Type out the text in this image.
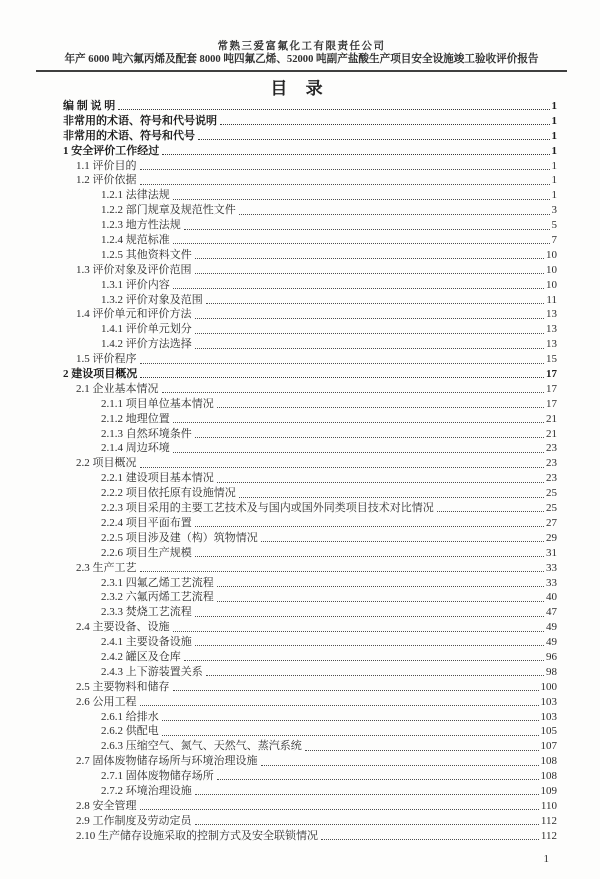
常熟三爱富氟化工有限责任公司
年产 6000 吨六氟丙烯及配套 8000 吨四氟乙烯、52000 吨副产盐酸生产项目安全设施竣工验收评价报告
目 录
编 制 说 明	1
非常用的术语、符号和代号说明	1
非常用的术语、符号和代号	1
1 安全评价工作经过	1
1.1 评价目的	1
1.2 评价依据	1
1.2.1 法律法规	1
1.2.2 部门规章及规范性文件	3
1.2.3 地方性法规	5
1.2.4 规范标准	7
1.2.5 其他资料文件	10
1.3 评价对象及评价范围	10
1.3.1 评价内容	10
1.3.2 评价对象及范围	11
1.4 评价单元和评价方法	13
1.4.1 评价单元划分	13
1.4.2 评价方法选择	13
1.5 评价程序	15
2 建设项目概况	17
2.1 企业基本情况	17
2.1.1 项目单位基本情况	17
2.1.2 地理位置	21
2.1.3 自然环境条件	21
2.1.4 周边环境	23
2.2 项目概况	23
2.2.1 建设项目基本情况	23
2.2.2 项目依托原有设施情况	25
2.2.3 项目采用的主要工艺技术及与国内或国外同类项目技术对比情况	25
2.2.4 项目平面布置	27
2.2.5 项目涉及建（构）筑物情况	29
2.2.6 项目生产规模	31
2.3 生产工艺	33
2.3.1 四氟乙烯工艺流程	33
2.3.2 六氟丙烯工艺流程	40
2.3.3 焚烧工艺流程	47
2.4 主要设备、设施	49
2.4.1 主要设备设施	49
2.4.2 罐区及仓库	96
2.4.3 上下游装置关系	98
2.5 主要物料和储存	100
2.6 公用工程	103
2.6.1 给排水	103
2.6.2 供配电	105
2.6.3 压缩空气、氮气、天然气、蒸汽系统	107
2.7 固体废物储存场所与环境治理设施	108
2.7.1 固体废物储存场所	108
2.7.2 环境治理设施	109
2.8 安全管理	110
2.9 工作制度及劳动定员	112
2.10 生产储存设施采取的控制方式及安全联锁情况	112
1
